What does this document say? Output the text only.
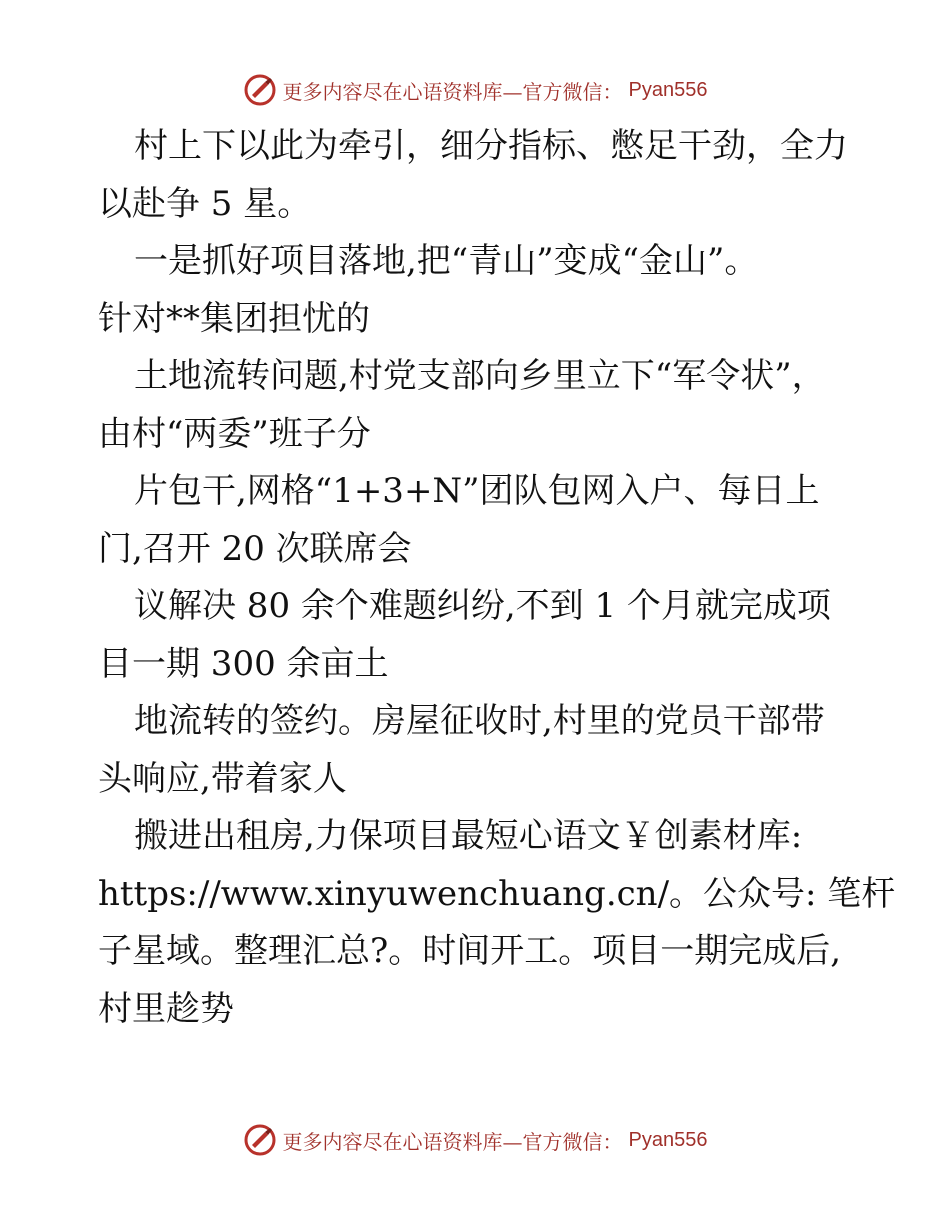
更多内容尽在心语资料库—官方微信： Pyan556
村上下以此为牵引，细分指标、憋足干劲，全力
以赴争 5 星。
一是抓好项目落地,把“青山”变成“金山”。
针对**集团担忧的
土地流转问题,村党支部向乡里立下“军令状”，
由村“两委”班子分
片包干,网格“1+3+N”团队包网入户、每日上
门,召开 20 次联席会
议解决 80 余个难题纠纷,不到 1 个月就完成项
目一期 300 余亩土
地流转的签约。房屋征收时,村里的党员干部带
头响应,带着家人
搬进出租房,力保项目最短心语文￥创素材库:
https://www.xinyuwenchuang.cn/。公众号: 笔杆
子星域。整理汇总?。时间开工。项目一期完成后,
村里趁势
更多内容尽在心语资料库—官方微信： Pyan556
